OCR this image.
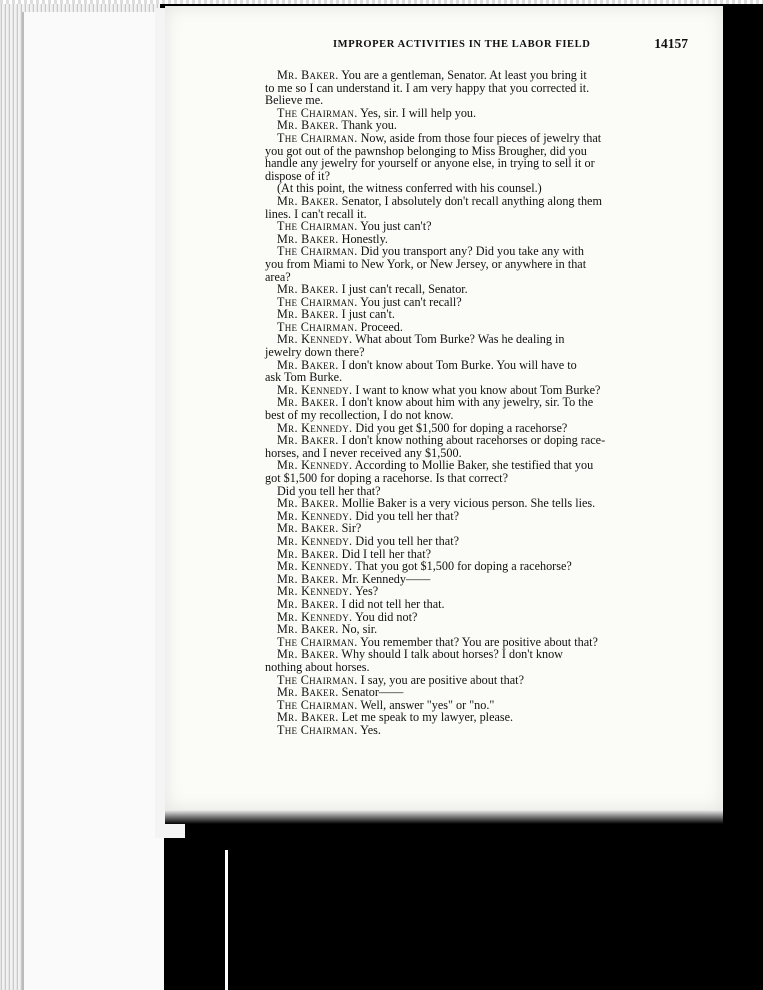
IMPROPER ACTIVITIES IN THE LABOR FIELD	14157
Mr. Baker. You are a gentleman, Senator. At least you bring it
to me so I can understand it. I am very happy that you corrected it.
Believe me.
The Chairman. Yes, sir. I will help you.
Mr. Baker. Thank you.
The Chairman. Now, aside from those four pieces of jewelry that
you got out of the pawnshop belonging to Miss Brougher, did you
handle any jewelry for yourself or anyone else, in trying to sell it or
dispose of it?
(At this point, the witness conferred with his counsel.)
Mr. Baker. Senator, I absolutely don't recall anything along them
lines. I can't recall it.
The Chairman. You just can't?
Mr. Baker. Honestly.
The Chairman. Did you transport any? Did you take any with
you from Miami to New York, or New Jersey, or anywhere in that
area?
Mr. Baker. I just can't recall, Senator.
The Chairman. You just can't recall?
Mr. Baker. I just can't.
The Chairman. Proceed.
Mr. Kennedy. What about Tom Burke? Was he dealing in
jewelry down there?
Mr. Baker. I don't know about Tom Burke. You will have to
ask Tom Burke.
Mr. Kennedy. I want to know what you know about Tom Burke?
Mr. Baker. I don't know about him with any jewelry, sir. To the
best of my recollection, I do not know.
Mr. Kennedy. Did you get $1,500 for doping a racehorse?
Mr. Baker. I don't know nothing about racehorses or doping race-
horses, and I never received any $1,500.
Mr. Kennedy. According to Mollie Baker, she testified that you
got $1,500 for doping a racehorse. Is that correct?
Did you tell her that?
Mr. Baker. Mollie Baker is a very vicious person. She tells lies.
Mr. Kennedy. Did you tell her that?
Mr. Baker. Sir?
Mr. Kennedy. Did you tell her that?
Mr. Baker. Did I tell her that?
Mr. Kennedy. That you got $1,500 for doping a racehorse?
Mr. Baker. Mr. Kennedy——
Mr. Kennedy. Yes?
Mr. Baker. I did not tell her that.
Mr. Kennedy. You did not?
Mr. Baker. No, sir.
The Chairman. You remember that? You are positive about that?
Mr. Baker. Why should I talk about horses? I don't know
nothing about horses.
The Chairman. I say, you are positive about that?
Mr. Baker. Senator——
The Chairman. Well, answer "yes" or "no."
Mr. Baker. Let me speak to my lawyer, please.
The Chairman. Yes.
